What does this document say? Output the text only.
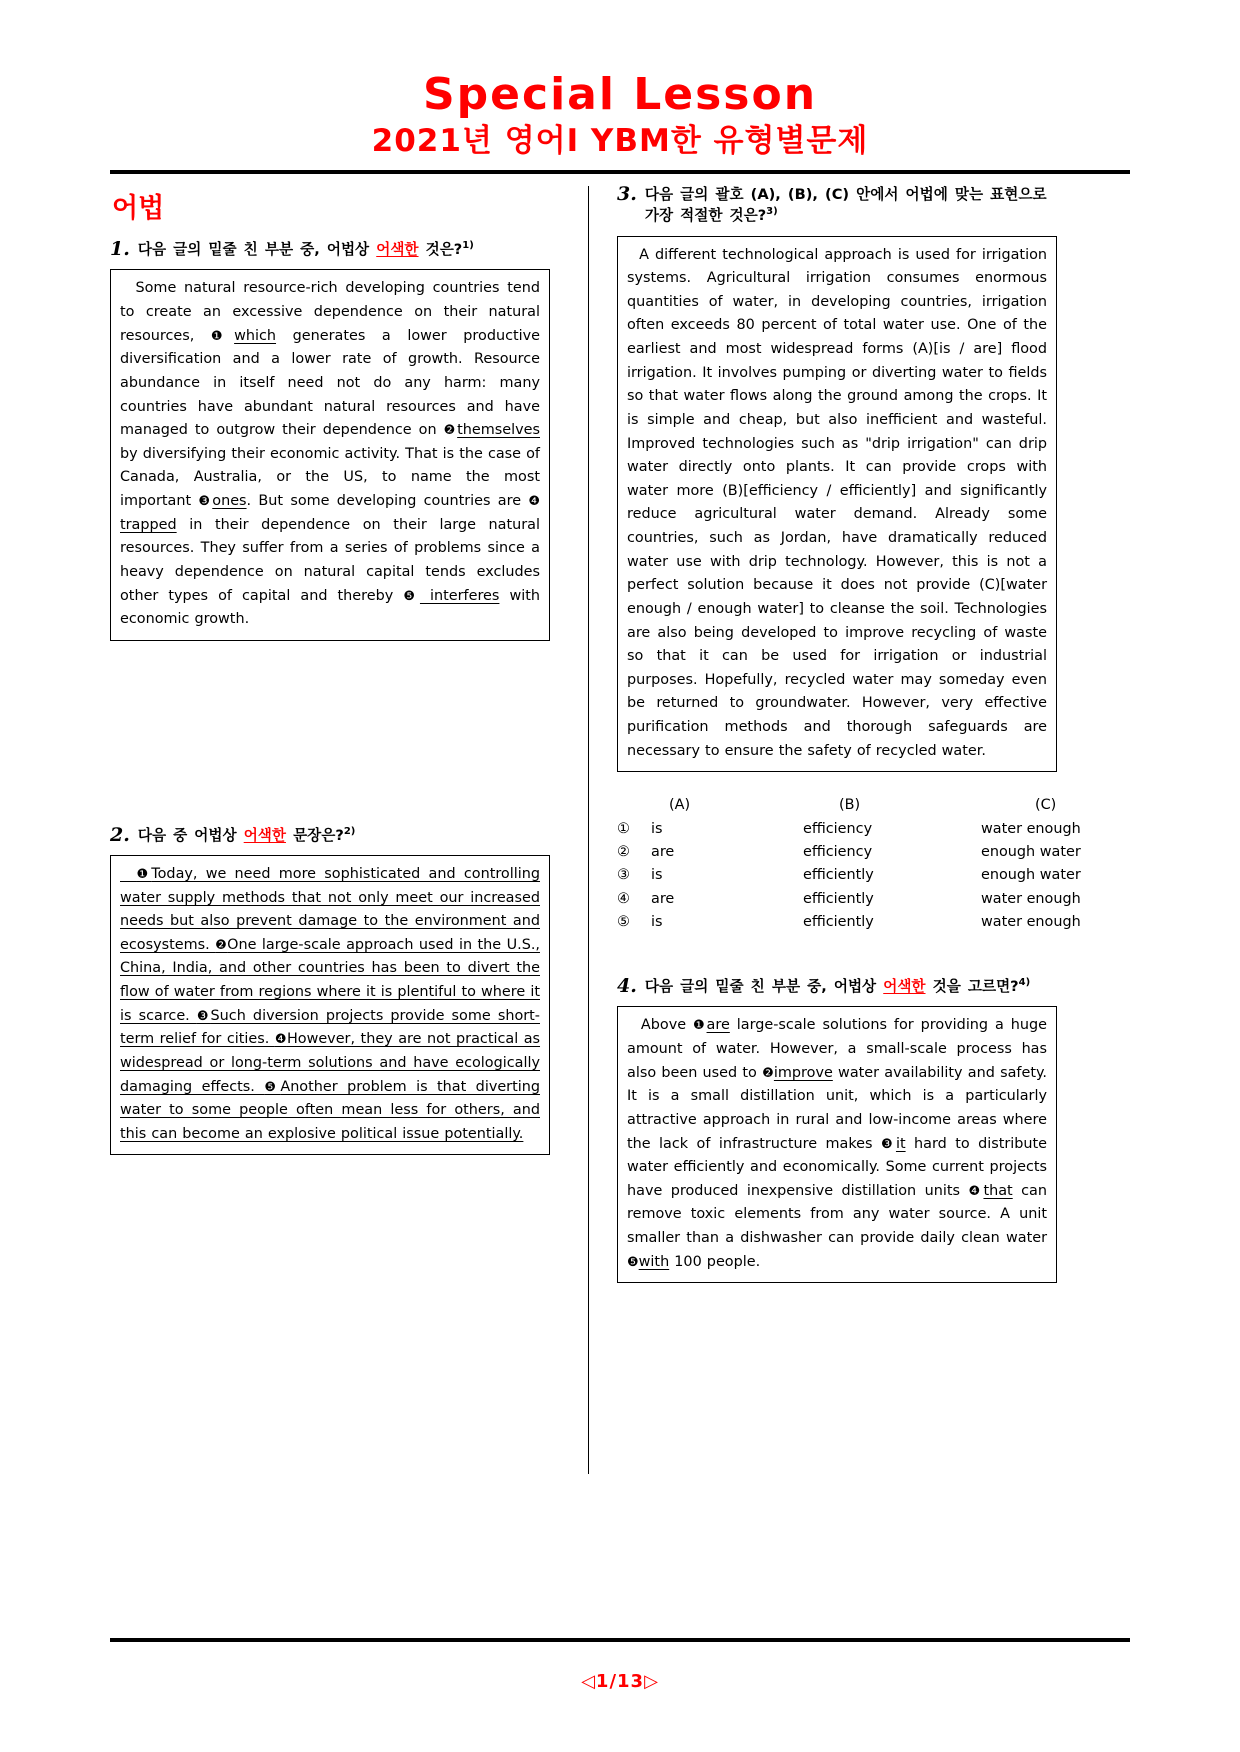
Special Lesson
2021년 영어Ⅰ YBM한 유형별문제
어법
1. 다음 글의 밑줄 친 부분 중, 어법상 어색한 것은?$^{1)}$
Some natural resource-rich developing countries tend to create an excessive dependence on their natural resources, ❶which generates a lower productive diversification and a lower rate of growth. Resource abundance in itself need not do any harm: many countries have abundant natural resources and have managed to outgrow their dependence on ❷themselves by diversifying their economic activity. That is the case of Canada, Australia, or the US, to name the most important ❸ones. But some developing countries are ❹ trapped in their dependence on their large natural resources. They suffer from a series of problems since a heavy dependence on natural capital tends excludes other types of capital and thereby ❺ interferes with economic growth.
2. 다음 중 어법상 어색한 문장은?$^{2)}$
❶Today, we need more sophisticated and controlling water supply methods that not only meet our increased needs but also prevent damage to the environment and ecosystems. ❷One large-scale approach used in the U.S., China, India, and other countries has been to divert the flow of water from regions where it is plentiful to where it is scarce. ❸Such diversion projects provide some short-term relief for cities. ❹However, they are not practical as widespread or long-term solutions and have ecologically damaging effects. ❺Another problem is that diverting water to some people often mean less for others, and this can become an explosive political issue potentially.
3. 다음 글의 괄호 (A), (B), (C) 안에서 어법에 맞는 표현으로 가장 적절한 것은?$^{3)}$
A different technological approach is used for irrigation systems. Agricultural irrigation consumes enormous quantities of water, in developing countries, irrigation often exceeds 80 percent of total water use. One of the earliest and most widespread forms (A)[is / are] flood irrigation. It involves pumping or diverting water to fields so that water flows along the ground among the crops. It is simple and cheap, but also inefficient and wasteful. Improved technologies such as "drip irrigation" can drip water directly onto plants. It can provide crops with water more (B)[efficiency / efficiently] and significantly reduce agricultural water demand. Already some countries, such as Jordan, have dramatically reduced water use with drip technology. However, this is not a perfect solution because it does not provide (C)[water enough / enough water] to cleanse the soil. Technologies are also being developed to improve recycling of waste so that it can be used for irrigation or industrial purposes. Hopefully, recycled water may someday even be returned to groundwater. However, very effective purification methods and thorough safeguards are necessary to ensure the safety of recycled water.
(A)	(B)	(C)
①	is	efficiency	water enough
②	are	efficiency	enough water
③	is	efficiently	enough water
④	are	efficiently	water enough
⑤	is	efficiently	water enough
4. 다음 글의 밑줄 친 부분 중, 어법상 어색한 것을 고르면?$^{4)}$
Above ❶are large-scale solutions for providing a huge amount of water. However, a small-scale process has also been used to ❷improve water availability and safety. It is a small distillation unit, which is a particularly attractive approach in rural and low-income areas where the lack of infrastructure makes ❸it hard to distribute water efficiently and economically. Some current projects have produced inexpensive distillation units ❹that can remove toxic elements from any water source. A unit smaller than a dishwasher can provide daily clean water ❺with 100 people.
◁1/13▷
